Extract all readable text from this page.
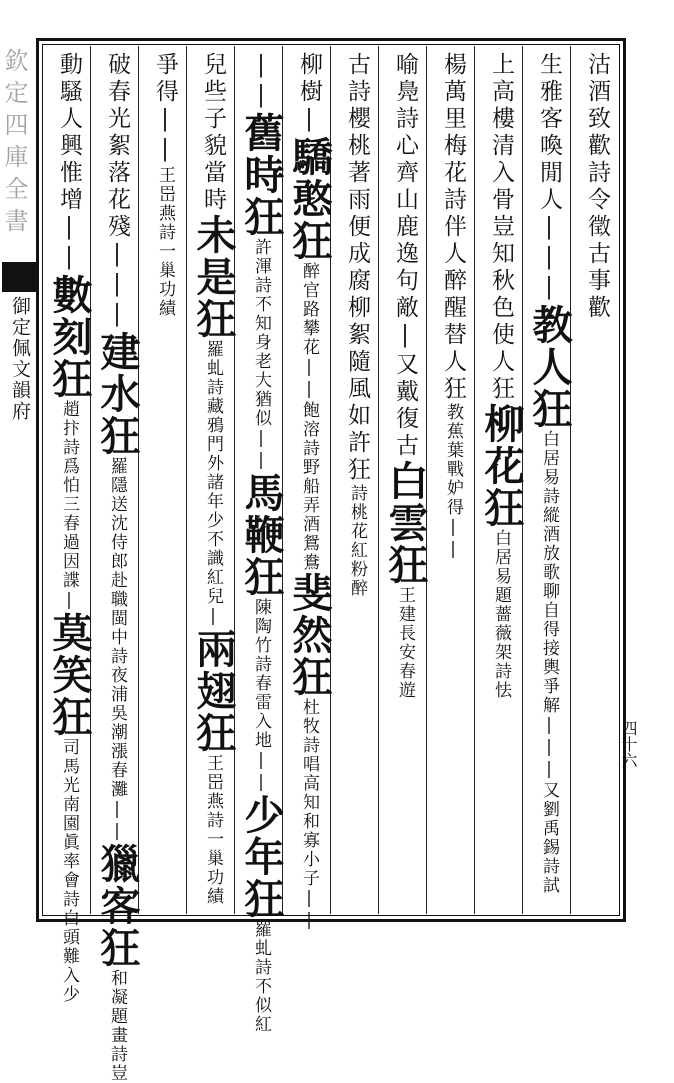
欽定四庫全書
御定佩文韻府
沽酒致歡詩令徵古事歡
生雅客喚閒人|||教人狂白居易詩縱酒放歌聊自得接輿爭解|||又劉禹錫詩試
上高樓清入骨豈知秋色使人狂柳花狂白居易題薔薇架詩怯
楊萬里梅花詩伴人醉醒替人狂教蕉葉戰妒得||
喻鳧詩心齊山鹿逸句敵|又戴復古白雲狂王建長安春遊
古詩櫻桃著雨便成腐柳絮隨風如許狂詩桃花紅粉醉
柳樹|驕憨狂醉官路攀花||飽溶詩野船弄酒鴛鴦斐然狂杜牧詩唱高知和寡小子||
||舊時狂許渾詩不知身老大猶似||馬鞭狂陳陶竹詩春雷入地||少年狂羅虬詩不似紅
兒些子貌當時未是狂羅虬詩藏鴉門外諸年少不識紅兒|兩翅狂王岊燕詩一巢功績
爭得||王岊燕詩一巢功績
破春光絮落花殘|||建水狂羅隱送沈侍郎赴職閩中詩夜浦吳潮漲春灘||獵客狂和凝題畫詩豈
動騷人興惟增||數刻狂趙抃詩爲怕三春過因諜|莫笑狂司馬光南園眞率會詩白頭難入少	四十六
